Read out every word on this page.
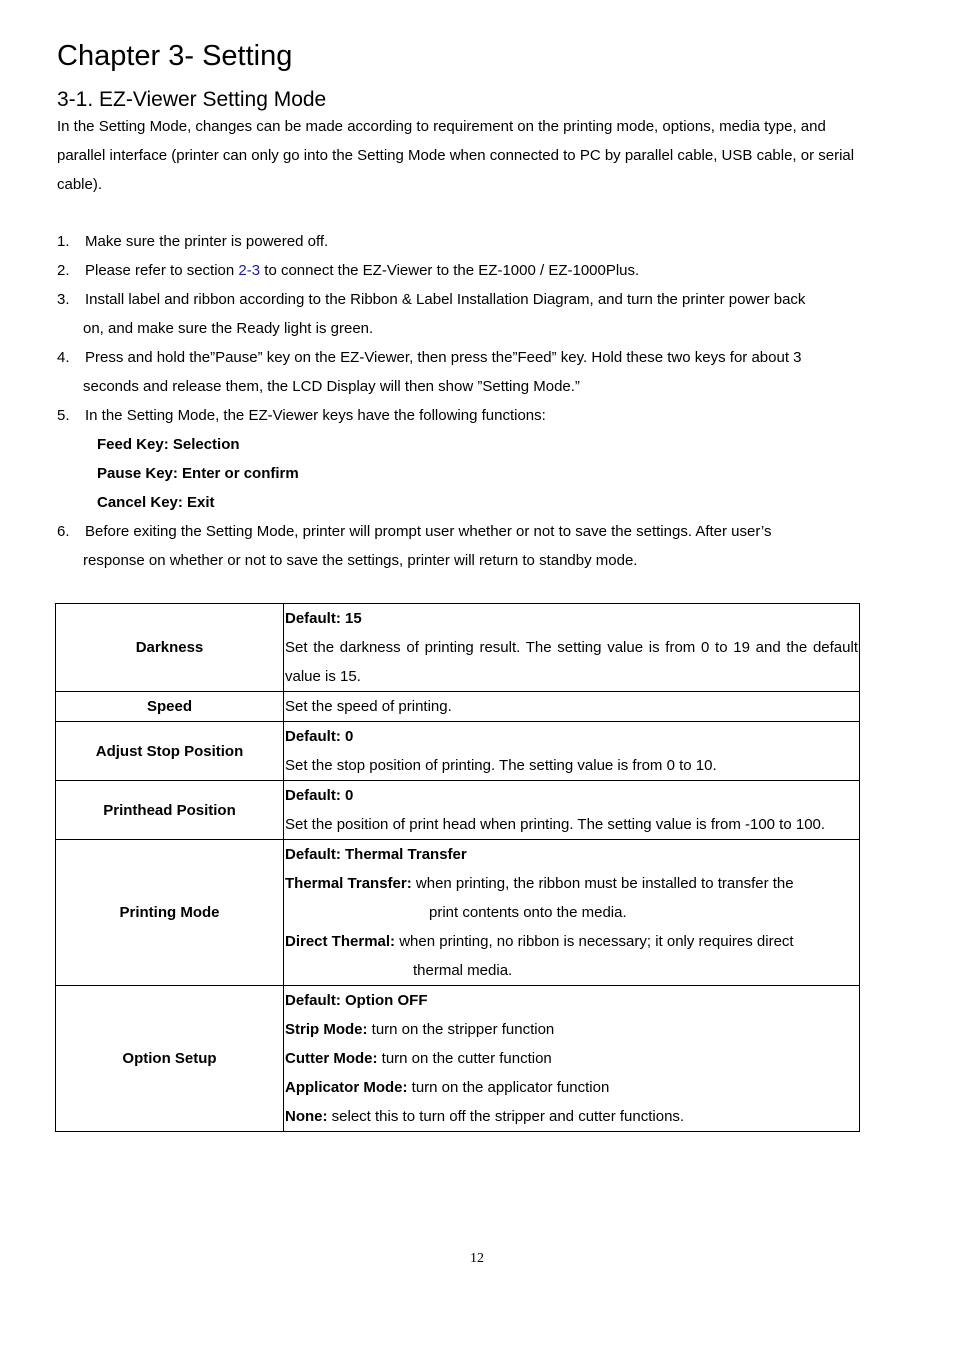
Chapter 3- Setting
3-1. EZ-Viewer Setting Mode

In the Setting Mode, changes can be made according to requirement on the printing mode, options, media type, and parallel interface (printer can only go into the Setting Mode when connected to PC by parallel cable, USB cable, or serial cable).

1. Make sure the printer is powered off.
2. Please refer to section 2-3 to connect the EZ-Viewer to the EZ-1000 / EZ-1000Plus.
3. Install label and ribbon according to the Ribbon & Label Installation Diagram, and turn the printer power back
on, and make sure the Ready light is green.
4. Press and hold the”Pause” key on the EZ-Viewer, then press the”Feed” key. Hold these two keys for about 3
seconds and release them, the LCD Display will then show ”Setting Mode.”
5. In the Setting Mode, the EZ-Viewer keys have the following functions:
Feed Key: Selection
Pause Key: Enter or confirm
Cancel Key: Exit
6. Before exiting the Setting Mode, printer will prompt user whether or not to save the settings. After user’s
response on whether or not to save the settings, printer will return to standby mode.
Darkness	Default: 15
Set the darkness of printing result. The setting value is from 0 to 19 and the default value is 15.

Speed	Set the speed of printing.

Adjust Stop Position	Default: 0
Set the stop position of printing. The setting value is from 0 to 10.

Printhead Position	Default: 0
Set the position of print head when printing. The setting value is from -100 to 100.

Printing Mode	Default: Thermal Transfer
Thermal Transfer: when printing, the ribbon must be installed to transfer the
print contents onto the media.
Direct Thermal: when printing, no ribbon is necessary; it only requires direct
thermal media.

Option Setup	Default: Option OFF
Strip Mode: turn on the stripper function
Cutter Mode: turn on the cutter function
Applicator Mode: turn on the applicator function
None: select this to turn off the stripper and cutter functions.
12
